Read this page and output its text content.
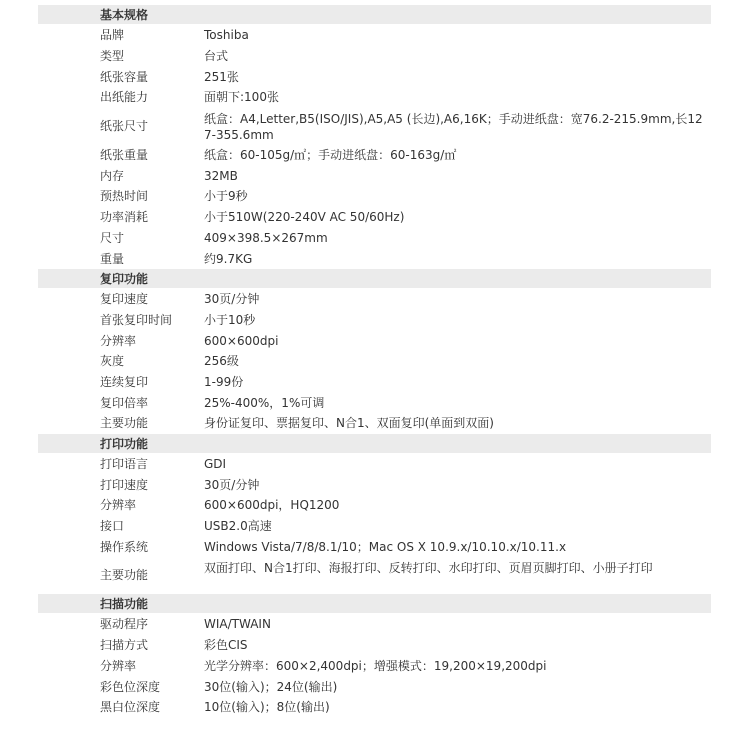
基本规格
品牌	Toshiba
类型	台式
纸张容量	251张
出纸能力	面朝下:100张
纸张尺寸	纸盒：A4,Letter,B5(ISO/JIS),A5,A5 (长边),A6,16K；手动进纸盘：宽76.2-215.9mm,长127-355.6mm
纸张重量	纸盒：60-105g/㎡；手动进纸盘：60-163g/㎡
内存	32MB
预热时间	小于9秒
功率消耗	小于510W(220-240V AC 50/60Hz)
尺寸	409×398.5×267mm
重量	约9.7KG
复印功能
复印速度	30页/分钟
首张复印时间	小于10秒
分辨率	600×600dpi
灰度	256级
连续复印	1-99份
复印倍率	25%-400%，1%可调
主要功能	身份证复印、票据复印、N合1、双面复印(单面到双面)
打印功能
打印语言	GDI
打印速度	30页/分钟
分辨率	600×600dpi，HQ1200
接口	USB2.0高速
操作系统	Windows Vista/7/8/8.1/10；Mac OS X 10.9.x/10.10.x/10.11.x
主要功能	双面打印、N合1打印、海报打印、反转打印、水印打印、页眉页脚打印、小册子打印
扫描功能
驱动程序	WIA/TWAIN
扫描方式	彩色CIS
分辨率	光学分辨率：600×2,400dpi；增强模式：19,200×19,200dpi
彩色位深度	30位(输入)；24位(输出)
黑白位深度	10位(输入)；8位(输出)
